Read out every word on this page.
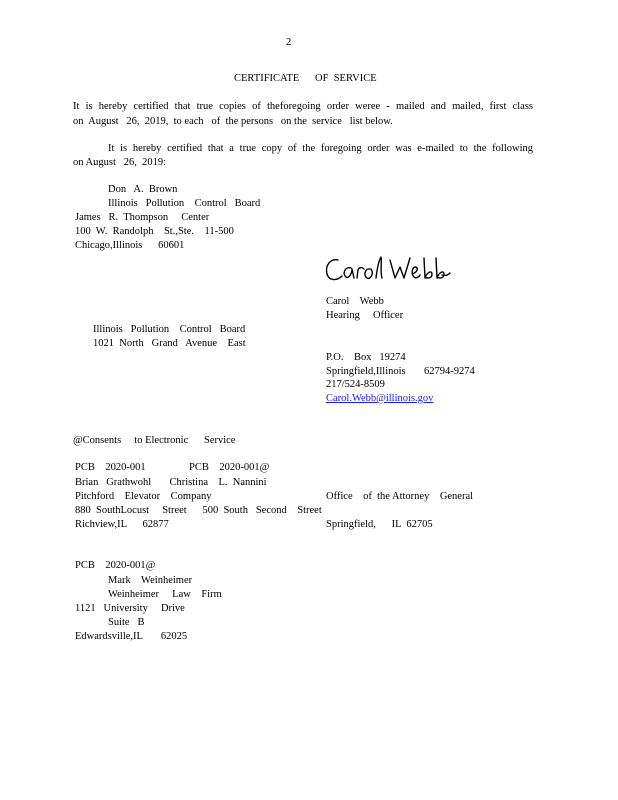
2
CERTIFICATE      OF  SERVICE
It is hereby certified that true copies of theforegoing order weree - mailed and mailed, first class
on  August   26,  2019,  to each   of  the persons   on the  service   list below.
It is hereby certified that a true copy of the foregoing order was e-mailed to the following
on August   26,  2019:
Don   A.  Brown
Illinois   Pollution    Control   Board
James   R.  Thompson     Center
100  W.  Randolph    St.,Ste.    11-500
Chicago,Illinois      60601
Carol    Webb
Hearing     Officer
Illinois   Pollution    Control   Board
1021  North   Grand   Avenue    East
P.O.    Box   19274
Springfield,Illinois       62794-9274
217/524-8509
Carol.Webb@illinois.gov
@Consents     to Electronic      Service
PCB    2020-001	PCB    2020-001@
Brian   Grathwohl       Christina    L.  Nannini
Pitchford    Elevator    Company	Office    of  the Attorney    General
880  SouthLocust     Street      500  South   Second    Street
Richview,IL      62877	Springfield,      IL  62705
PCB    2020-001@
Mark    Weinheimer
Weinheimer     Law    Firm
1121   University     Drive
Suite   B
Edwardsville,IL       62025
